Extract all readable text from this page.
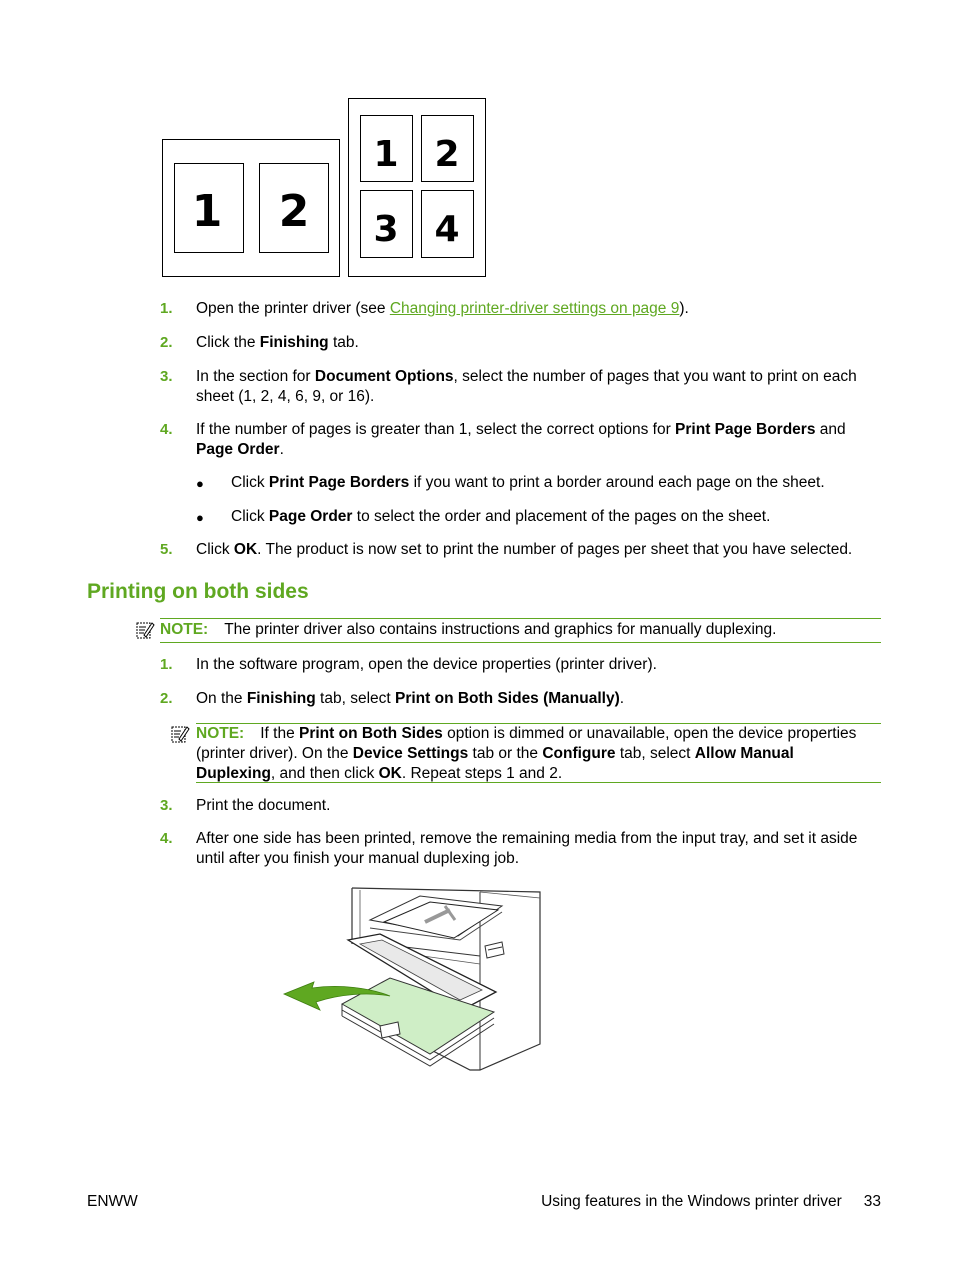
1 2
1 2
3 4
1. Open the printer driver (see Changing printer-driver settings on page 9).
2. Click the Finishing tab.
3. In the section for Document Options, select the number of pages that you want to print on each
sheet (1, 2, 4, 6, 9, or 16).
4. If the number of pages is greater than 1, select the correct options for Print Page Borders and
Page Order.
● Click Print Page Borders if you want to print a border around each page on the sheet.
● Click Page Order to select the order and placement of the pages on the sheet.
5. Click OK. The product is now set to print the number of pages per sheet that you have selected.
Printing on both sides
NOTE: The printer driver also contains instructions and graphics for manually duplexing.
1. In the software program, open the device properties (printer driver).
2. On the Finishing tab, select Print on Both Sides (Manually).
NOTE: If the Print on Both Sides option is dimmed or unavailable, open the device properties
(printer driver). On the Device Settings tab or the Configure tab, select Allow Manual
Duplexing, and then click OK. Repeat steps 1 and 2.
3. Print the document.
4. After one side has been printed, remove the remaining media from the input tray, and set it aside
until after you finish your manual duplexing job.
ENWW	Using features in the Windows printer driver 33
